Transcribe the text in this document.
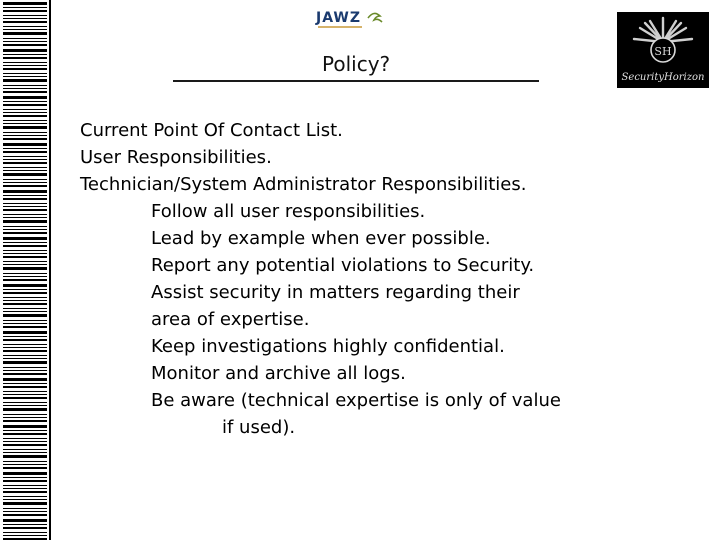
JAWZ
SH
SecurityHorizon
Policy?
Current Point Of Contact List.
User Responsibilities.
Technician/System Administrator Responsibilities.
Follow all user responsibilities.
Lead by example when ever possible.
Report any potential violations to Security.
Assist security in matters regarding their
area of expertise.
Keep investigations highly confidential.
Monitor and archive all logs.
Be aware (technical expertise is only of value
if used).
